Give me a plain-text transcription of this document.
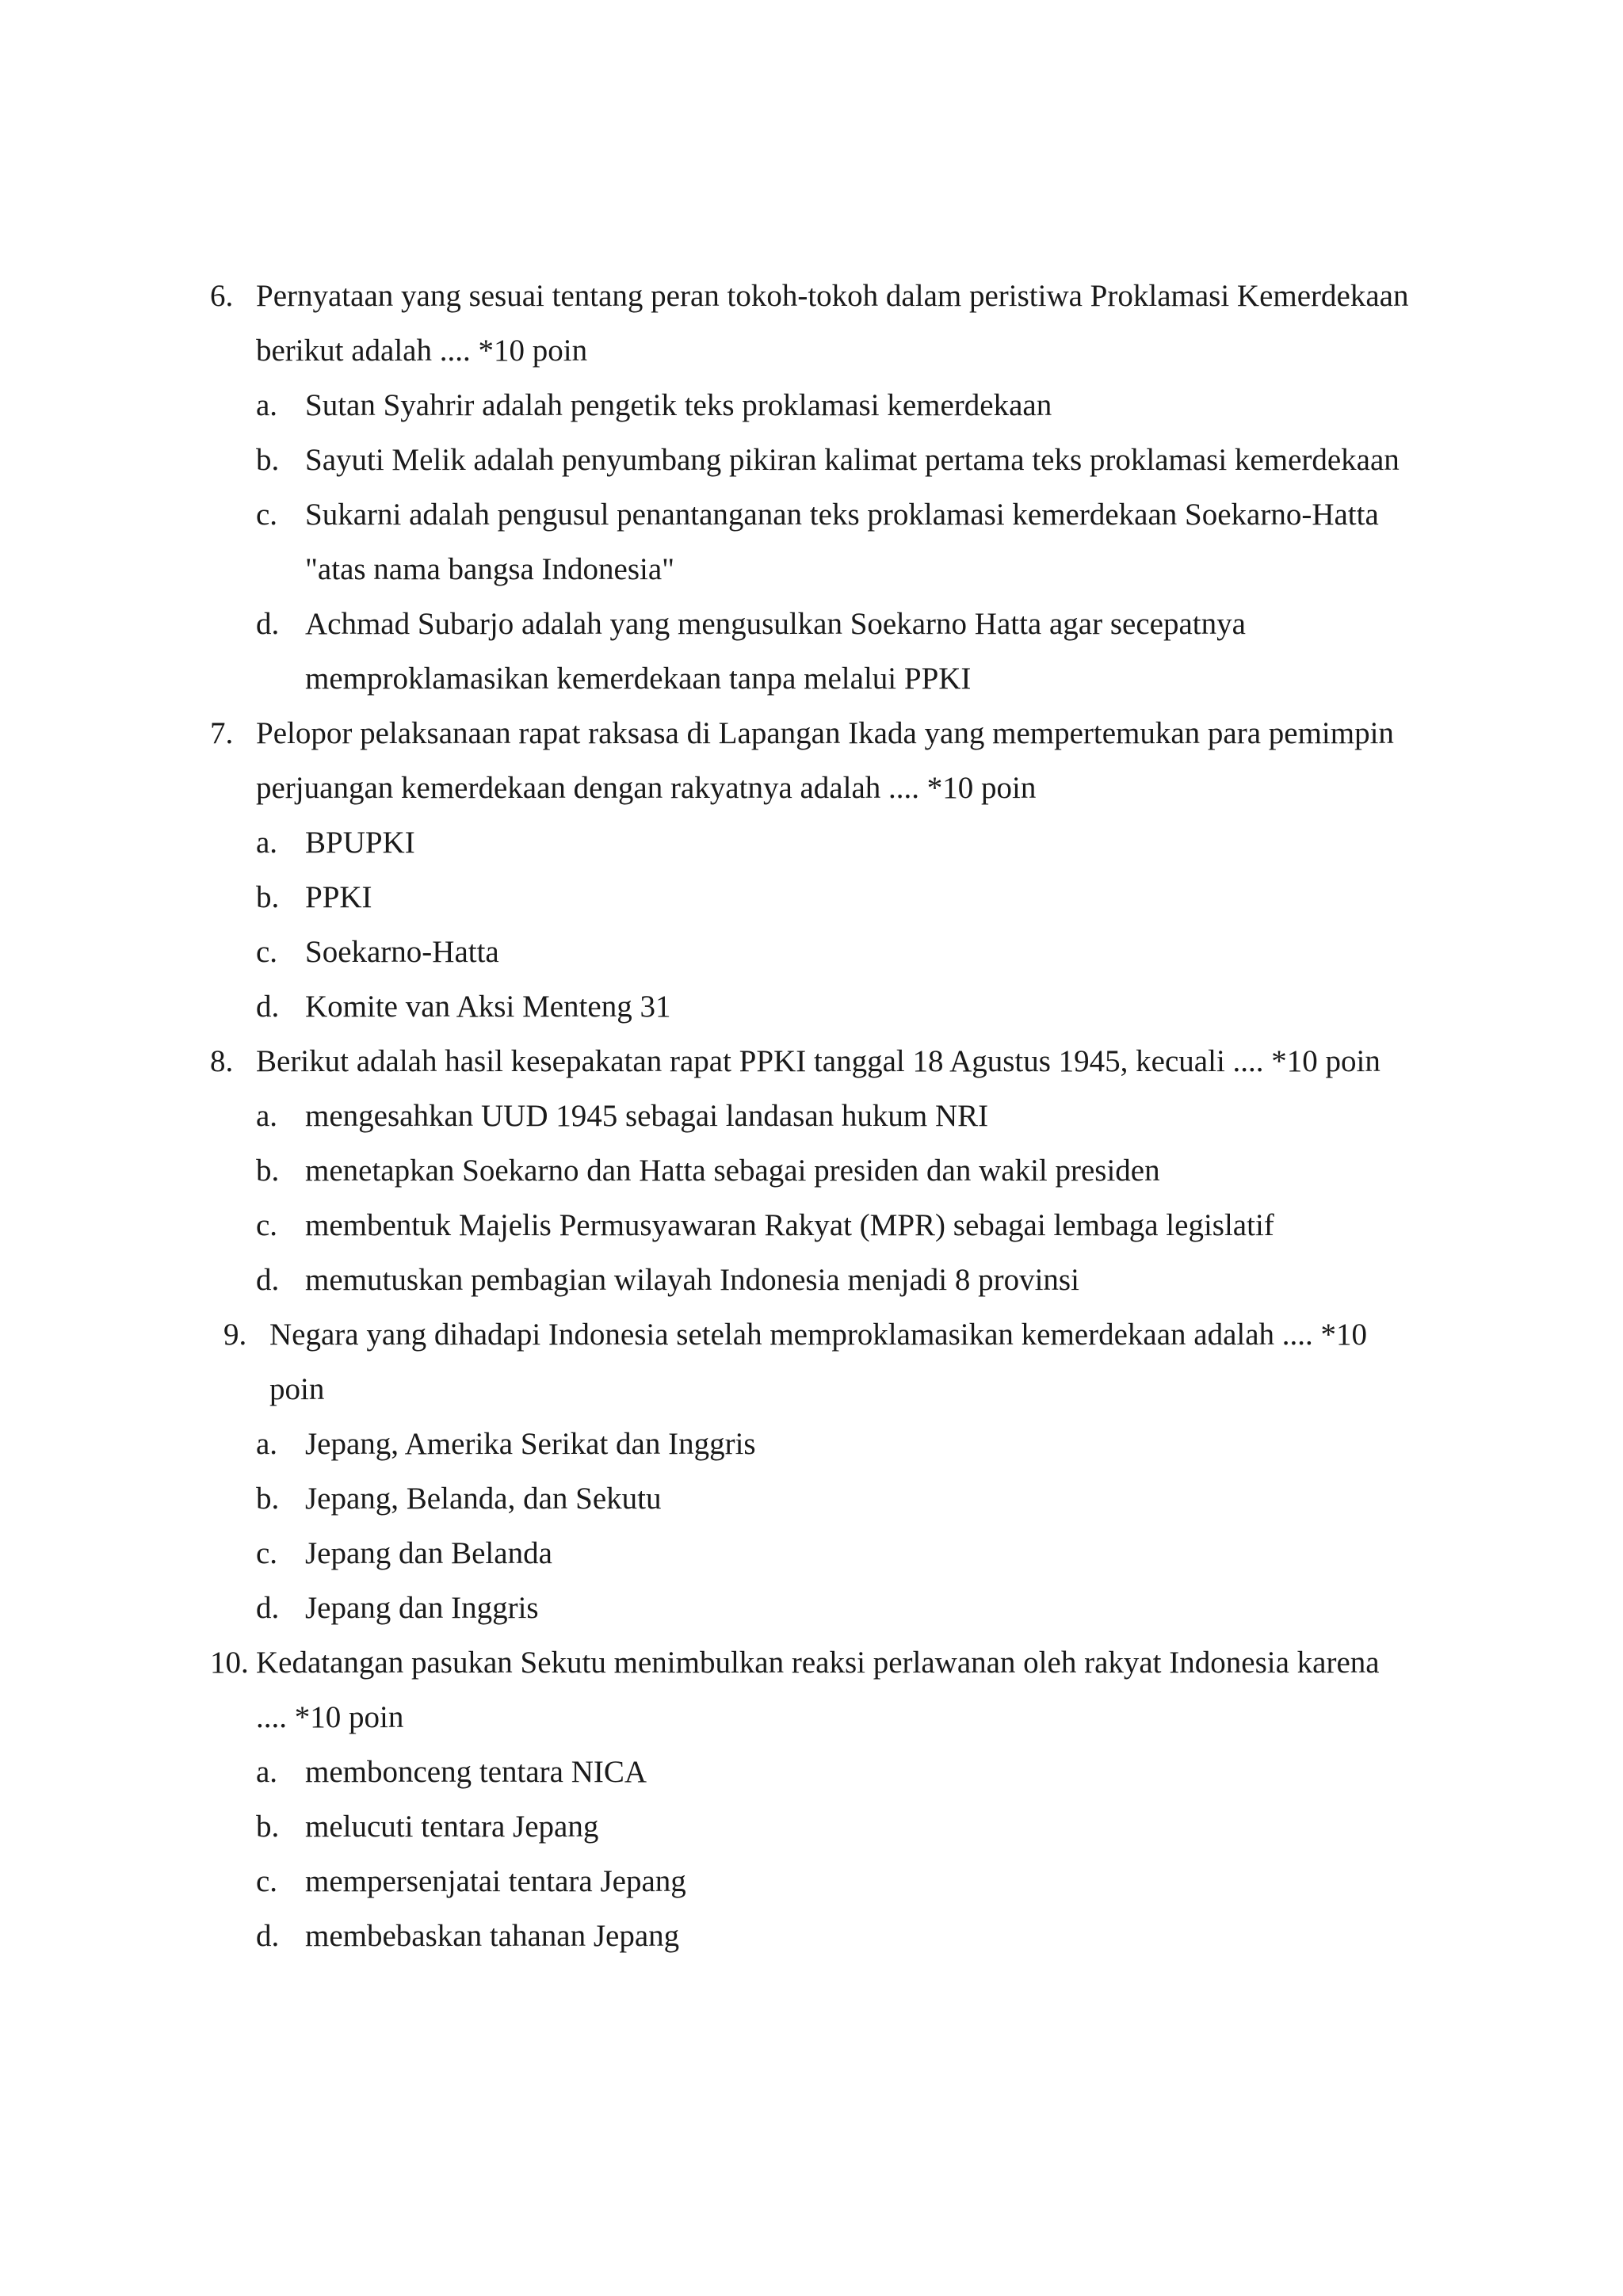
6. Pernyataan yang sesuai tentang peran tokoh-tokoh dalam peristiwa Proklamasi Kemerdekaan
berikut adalah .... *10 poin
a. Sutan Syahrir adalah pengetik teks proklamasi kemerdekaan
b. Sayuti Melik adalah penyumbang pikiran kalimat pertama teks proklamasi kemerdekaan
c. Sukarni adalah pengusul penantanganan teks proklamasi kemerdekaan Soekarno-Hatta
"atas nama bangsa Indonesia"
d. Achmad Subarjo adalah yang mengusulkan Soekarno Hatta agar secepatnya
memproklamasikan kemerdekaan tanpa melalui PPKI
7. Pelopor pelaksanaan rapat raksasa di Lapangan Ikada yang mempertemukan para pemimpin
perjuangan kemerdekaan dengan rakyatnya adalah .... *10 poin
a. BPUPKI
b. PPKI
c. Soekarno-Hatta
d. Komite van Aksi Menteng 31
8. Berikut adalah hasil kesepakatan rapat PPKI tanggal 18 Agustus 1945, kecuali .... *10 poin
a. mengesahkan UUD 1945 sebagai landasan hukum NRI
b. menetapkan Soekarno dan Hatta sebagai presiden dan wakil presiden
c. membentuk Majelis Permusyawaran Rakyat (MPR) sebagai lembaga legislatif
d. memutuskan pembagian wilayah Indonesia menjadi 8 provinsi
9. Negara yang dihadapi Indonesia setelah memproklamasikan kemerdekaan adalah .... *10
poin
a. Jepang, Amerika Serikat dan Inggris
b. Jepang, Belanda, dan Sekutu
c. Jepang dan Belanda
d. Jepang dan Inggris
10. Kedatangan pasukan Sekutu menimbulkan reaksi perlawanan oleh rakyat Indonesia karena
.... *10 poin
a. membonceng tentara NICA
b. melucuti tentara Jepang
c. mempersenjatai tentara Jepang
d. membebaskan tahanan Jepang
